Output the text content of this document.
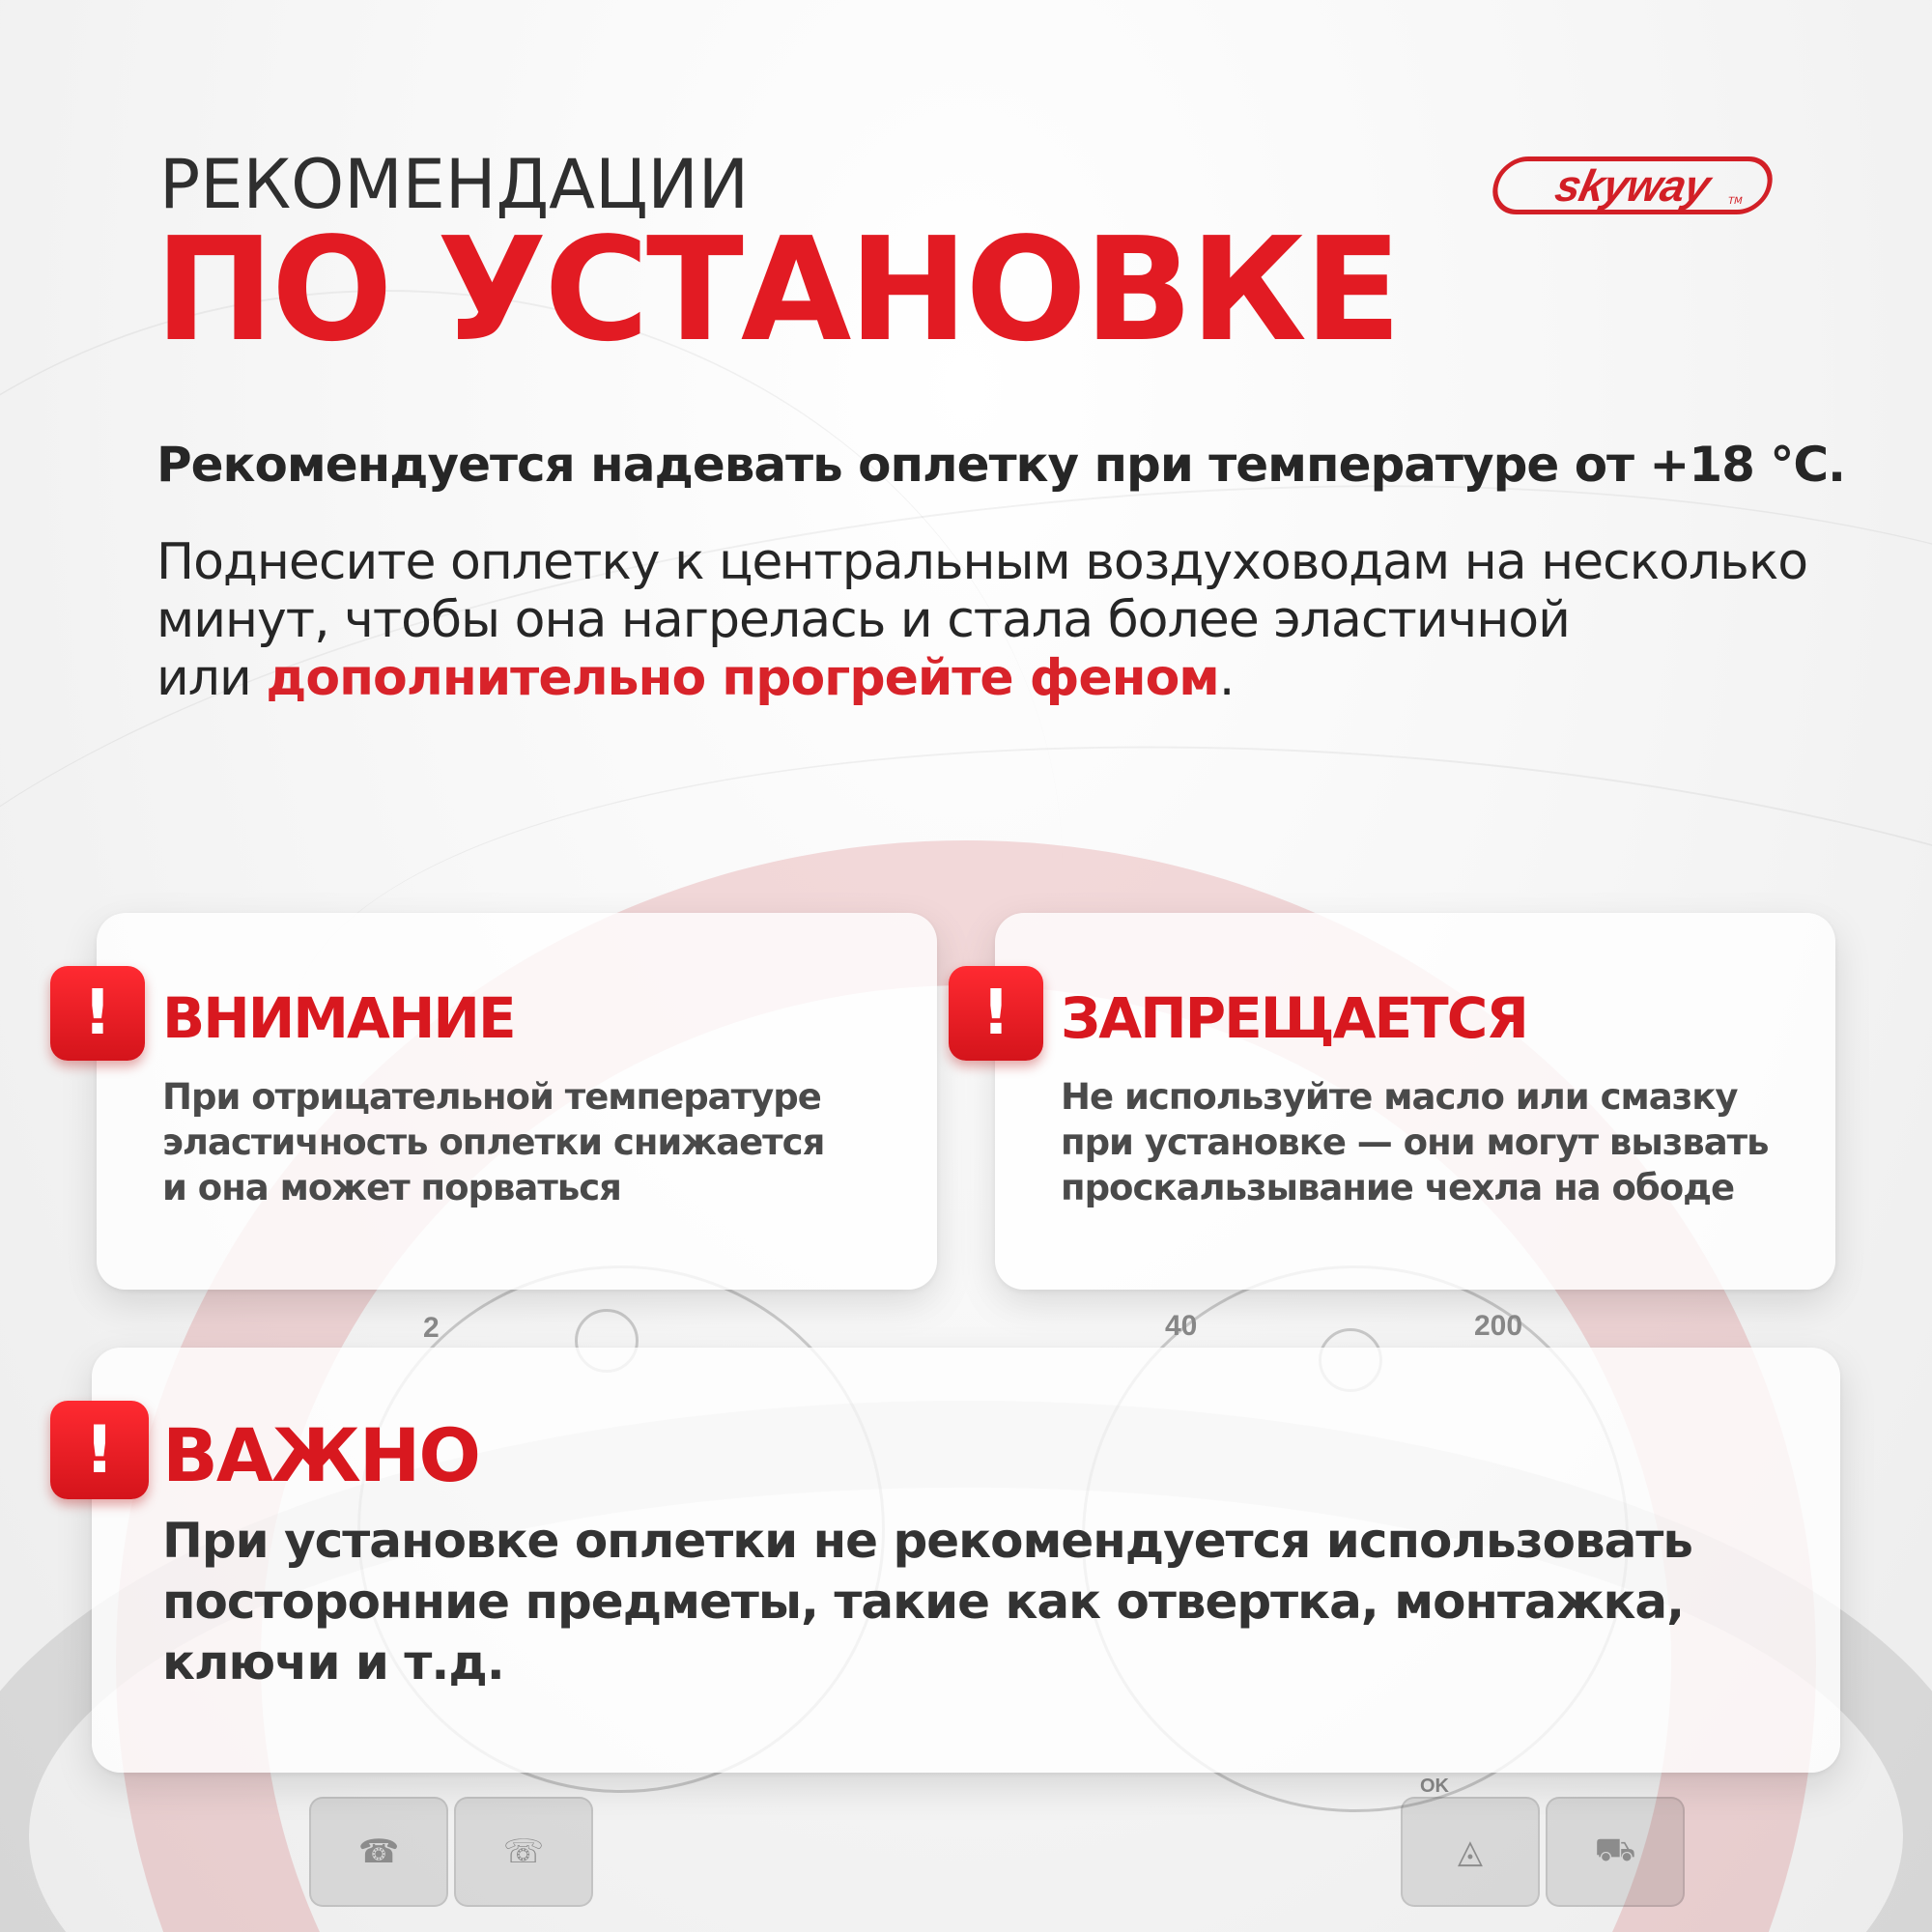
2	40	200
☎	☏	◬	⛟
OK
РЕКОМЕНДАЦИИ
ПО УСТАНОВКЕ
skyway $_{TM}$
Рекомендуется надевать оплетку при температуре от +18 °C.
Поднесите оплетку к центральным воздуховодам на несколько
минут, чтобы она нагрелась и стала более эластичной
или дополнительно прогрейте феном.
! ВНИМАНИЕ
При отрицательной температуре
эластичность оплетки снижается
и она может порваться
! ЗАПРЕЩАЕТСЯ
Не используйте масло или смазку
при установке — они могут вызвать
проскальзывание чехла на ободе
! ВАЖНО
При установке оплетки не рекомендуется использовать
посторонние предметы, такие как отвертка, монтажка,
ключи и т.д.
